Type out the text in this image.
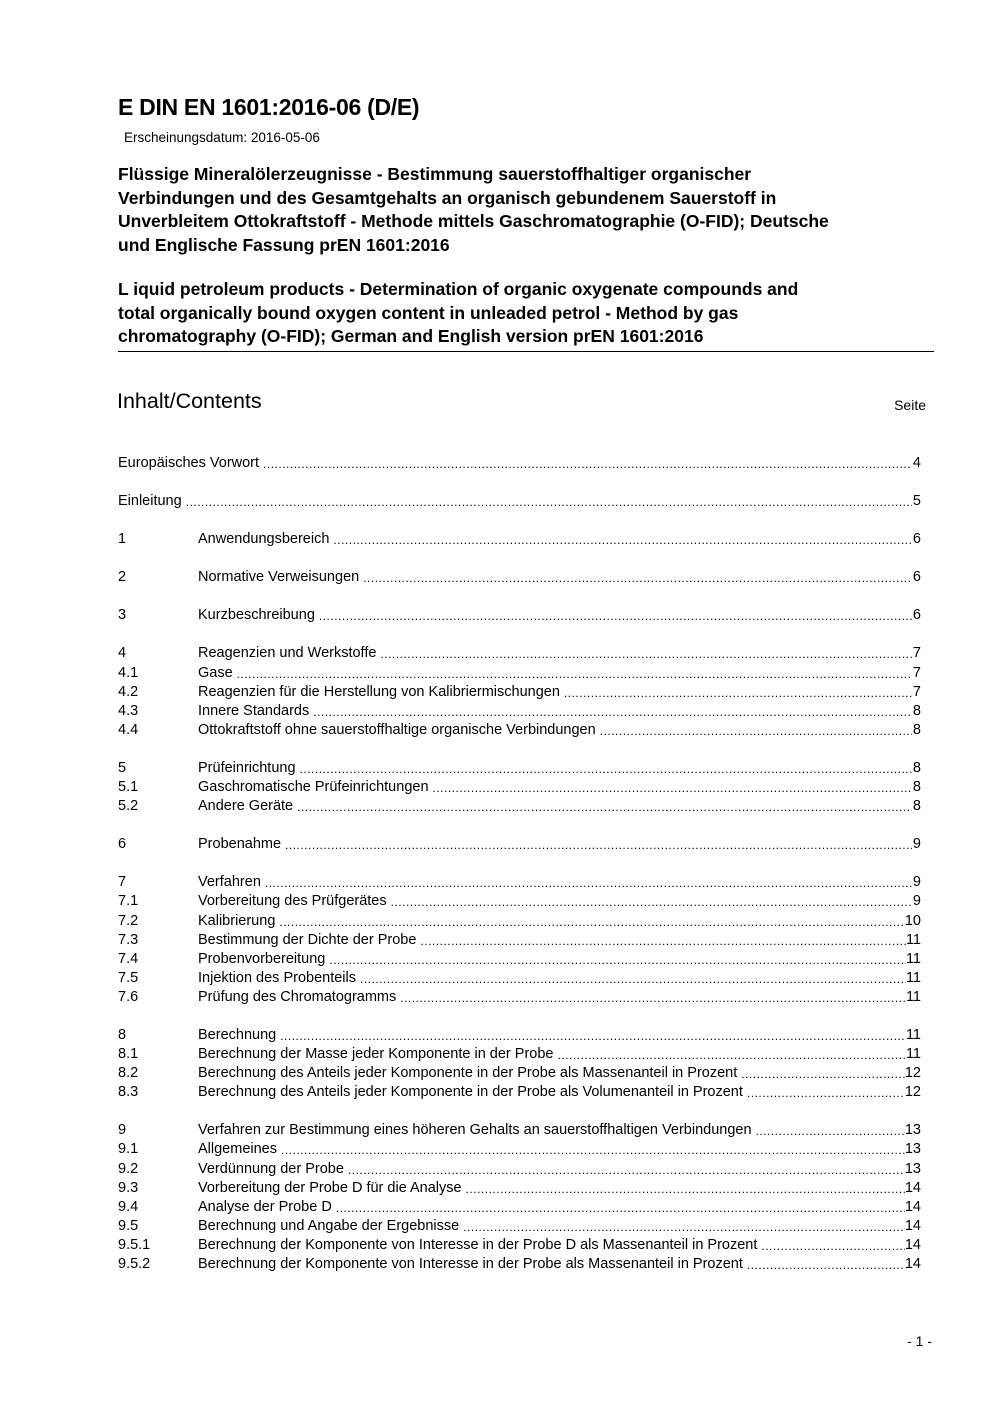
E DIN EN 1601:2016-06 (D/E)
Erscheinungsdatum: 2016-05-06
Flüssige Mineralölerzeugnisse - Bestimmung sauerstoffhaltiger organischer
Verbindungen und des Gesamtgehalts an organisch gebundenem Sauerstoff in
Unverbleitem Ottokraftstoff - Methode mittels Gaschromatographie (O-FID); Deutsche
und Englische Fassung prEN 1601:2016
L iquid petroleum products - Determination of organic oxygenate compounds and
total organically bound oxygen content in unleaded petrol - Method by gas
chromatography (O-FID); German and English version prEN 1601:2016
Inhalt/Contents	Seite
Europäisches Vorwort .....	4
Einleitung .....	5
1	Anwendungsbereich .....	6
2	Normative Verweisungen .....	6
3	Kurzbeschreibung .....	6
4	Reagenzien und Werkstoffe .....	7
4.1	Gase .....	7
4.2	Reagenzien für die Herstellung von Kalibriermischungen .....	7
4.3	Innere Standards .....	8
4.4	Ottokraftstoff ohne sauerstoffhaltige organische Verbindungen .....	8
5	Prüfeinrichtung .....	8
5.1	Gaschromatische Prüfeinrichtungen .....	8
5.2	Andere Geräte .....	8
6	Probenahme .....	9
7	Verfahren .....	9
7.1	Vorbereitung des Prüfgerätes .....	9
7.2	Kalibrierung .....	10
7.3	Bestimmung der Dichte der Probe .....	11
7.4	Probenvorbereitung .....	11
7.5	Injektion des Probenteils .....	11
7.6	Prüfung des Chromatogramms .....	11
8	Berechnung .....	11
8.1	Berechnung der Masse jeder Komponente in der Probe .....	11
8.2	Berechnung des Anteils jeder Komponente in der Probe als Massenanteil in Prozent .....	12
8.3	Berechnung des Anteils jeder Komponente in der Probe als Volumenanteil in Prozent .....	12
9	Verfahren zur Bestimmung eines höheren Gehalts an sauerstoffhaltigen Verbindungen .....	13
9.1	Allgemeines .....	13
9.2	Verdünnung der Probe .....	13
9.3	Vorbereitung der Probe D für die Analyse .....	14
9.4	Analyse der Probe D .....	14
9.5	Berechnung und Angabe der Ergebnisse .....	14
9.5.1	Berechnung der Komponente von Interesse in der Probe D als Massenanteil in Prozent .....	14
9.5.2	Berechnung der Komponente von Interesse in der Probe als Massenanteil in Prozent .....	14
- 1 -
